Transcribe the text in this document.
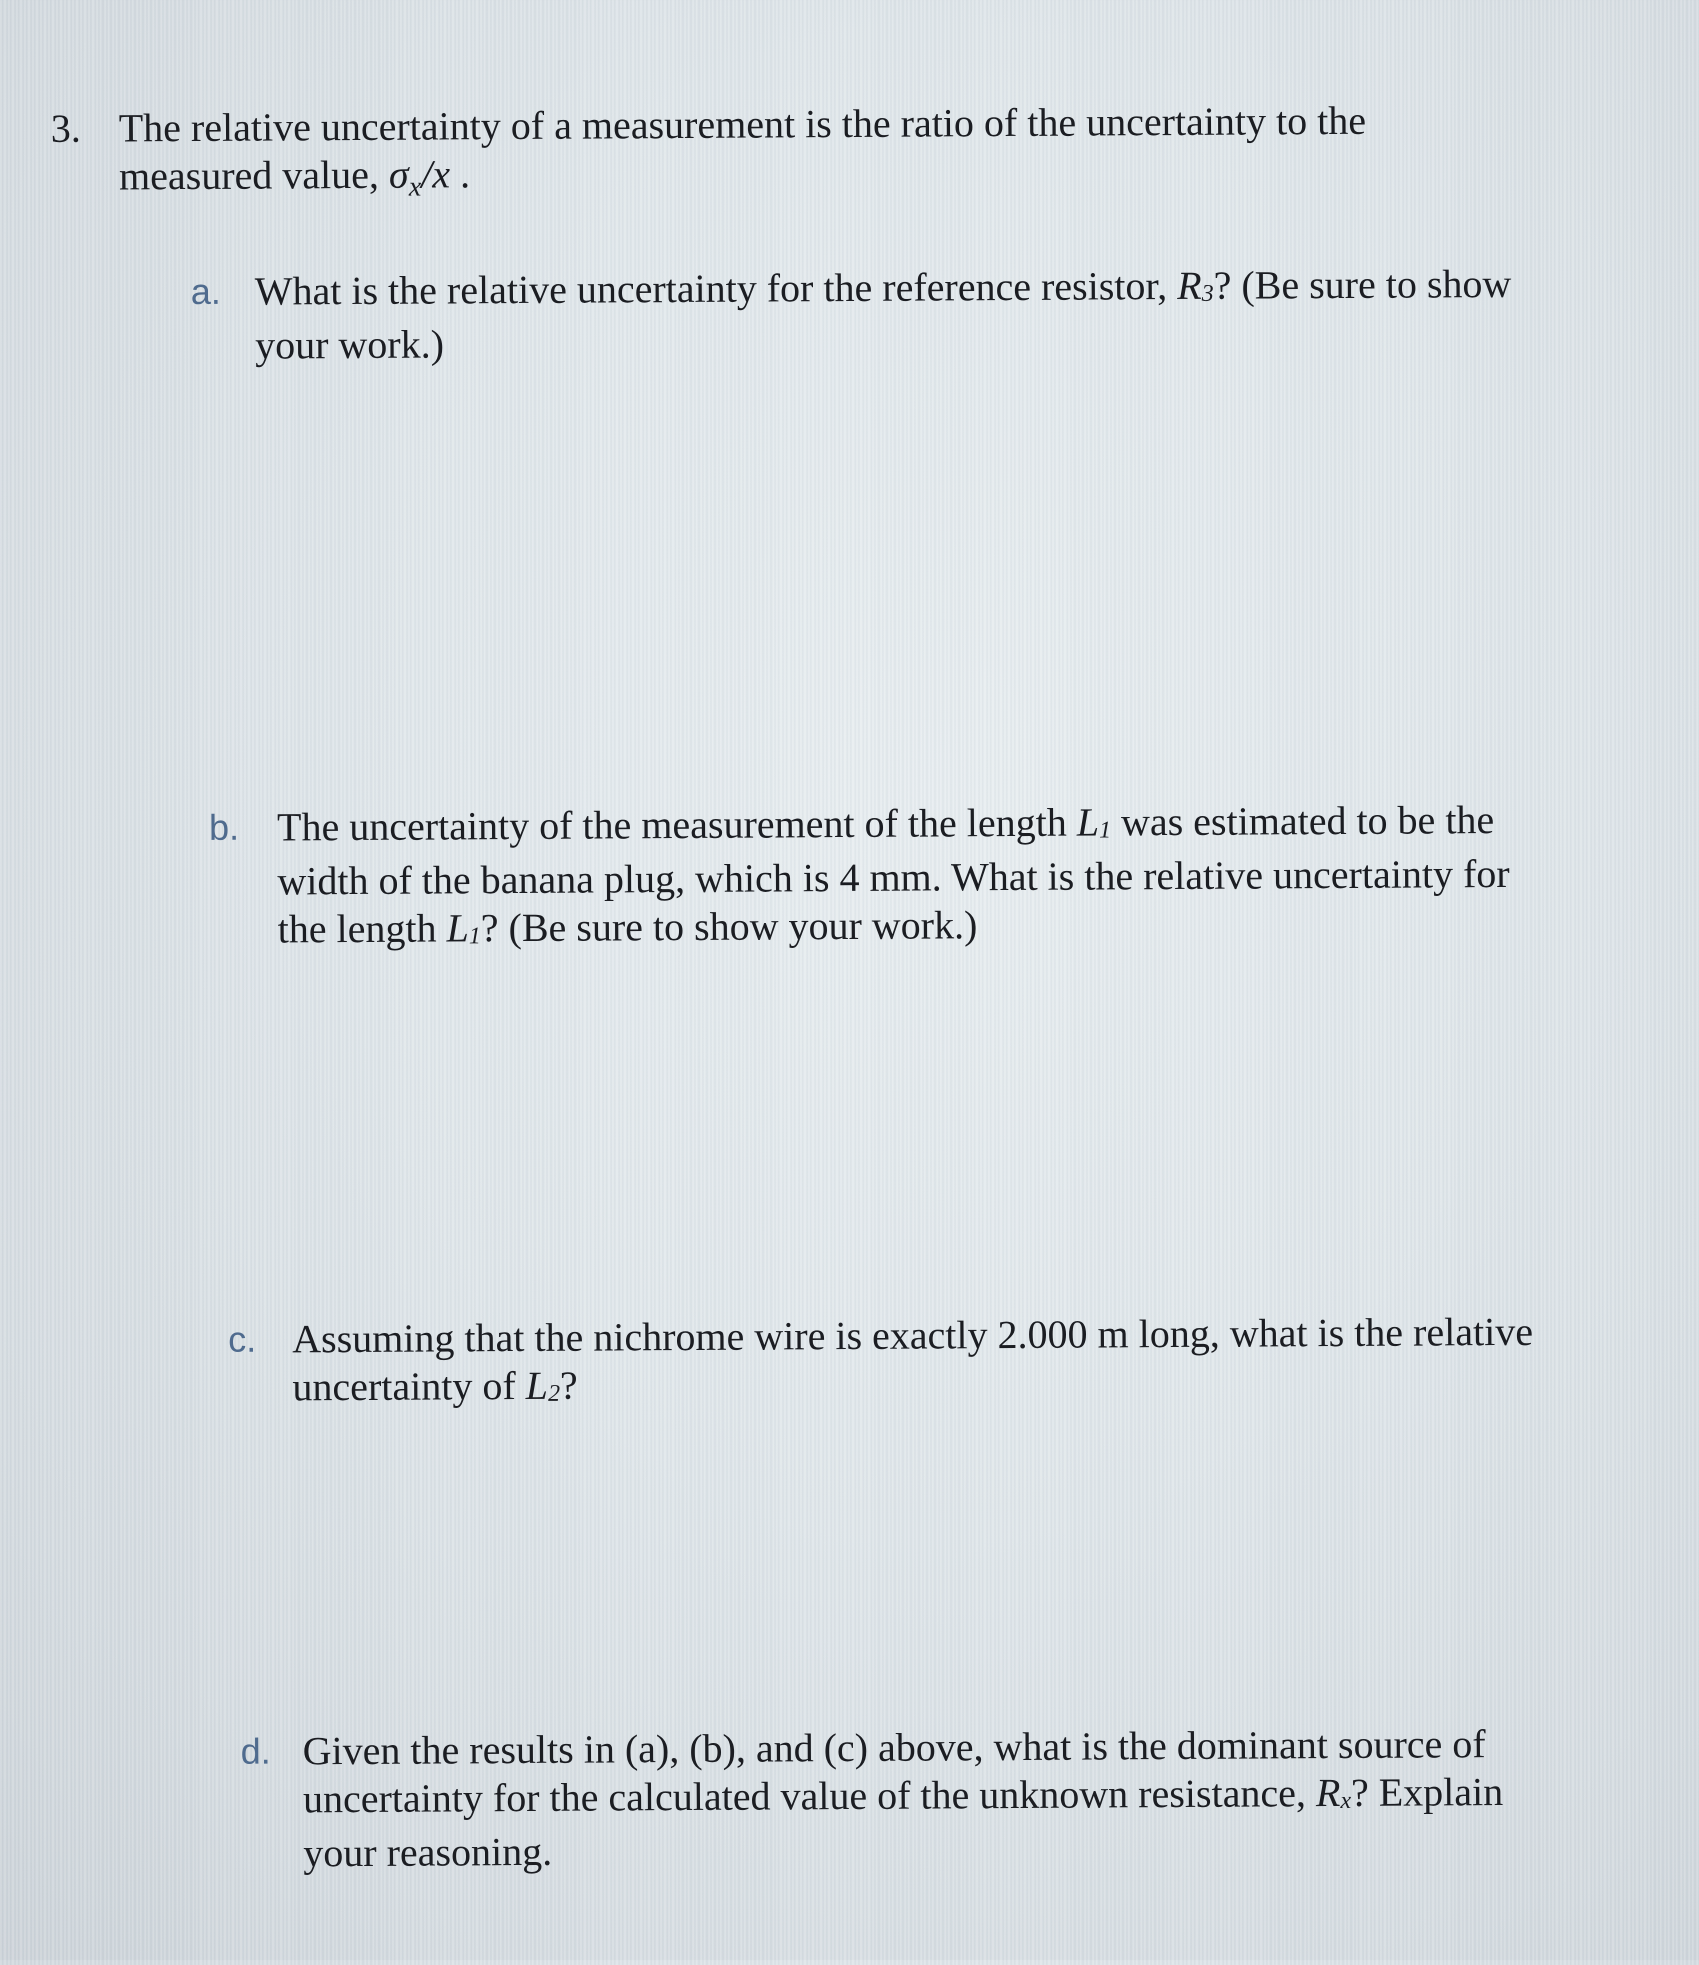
3. The relative uncertainty of a measurement is the ratio of the uncertainty to the measured value, $\sigma_x/x$ .
a. What is the relative uncertainty for the reference resistor, R3? (Be sure to show your work.)
b. The uncertainty of the measurement of the length L1 was estimated to be the width of the banana plug, which is 4 mm. What is the relative uncertainty for the length L1? (Be sure to show your work.)
c. Assuming that the nichrome wire is exactly 2.000 m long, what is the relative uncertainty of L2?
d. Given the results in (a), (b), and (c) above, what is the dominant source of uncertainty for the calculated value of the unknown resistance, Rx? Explain your reasoning.
